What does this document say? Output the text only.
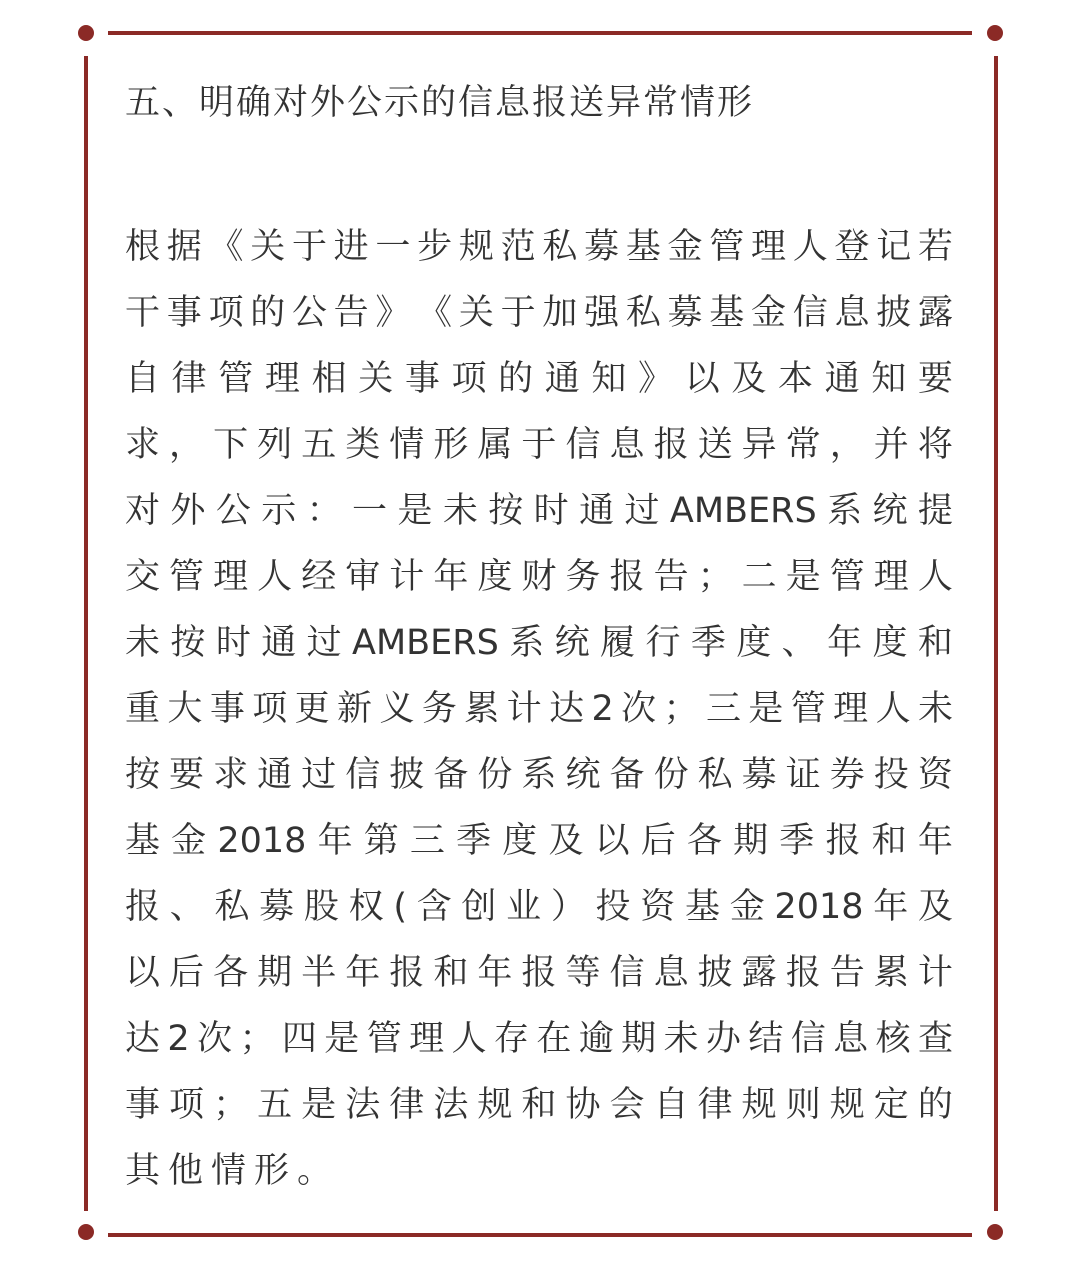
五、明确对外公示的信息报送异常情形
根 据 《 关 于 进 一 步 规 范 私 募 基 金 管 理 人 登 记 若
干 事 项 的 公 告 》 《 关 于 加 强 私 募 基 金 信 息 披 露
自 律 管 理 相 关 事 项 的 通 知 》 以 及 本 通 知 要
求 ， 下 列 五 类 情 形 属 于 信 息 报 送 异 常 ， 并 将
对 外 公 示 ： 一 是 未 按 时 通 过 AMBERS 系 统 提
交 管 理 人 经 审 计 年 度 财 务 报 告 ； 二 是 管 理 人
未 按 时 通 过 AMBERS 系 统 履 行 季 度 、 年 度 和
重 大 事 项 更 新 义 务 累 计 达 2 次 ； 三 是 管 理 人 未
按 要 求 通 过 信 披 备 份 系 统 备 份 私 募 证 券 投 资
基 金 2018 年 第 三 季 度 及 以 后 各 期 季 报 和 年
报 、 私 募 股 权 ( 含 创 业 ） 投 资 基 金 2018 年 及
以 后 各 期 半 年 报 和 年 报 等 信 息 披 露 报 告 累 计
达 2 次 ； 四 是 管 理 人 存 在 逾 期 未 办 结 信 息 核 查
事 项 ； 五 是 法 律 法 规 和 协 会 自 律 规 则 规 定 的
其他情形。
